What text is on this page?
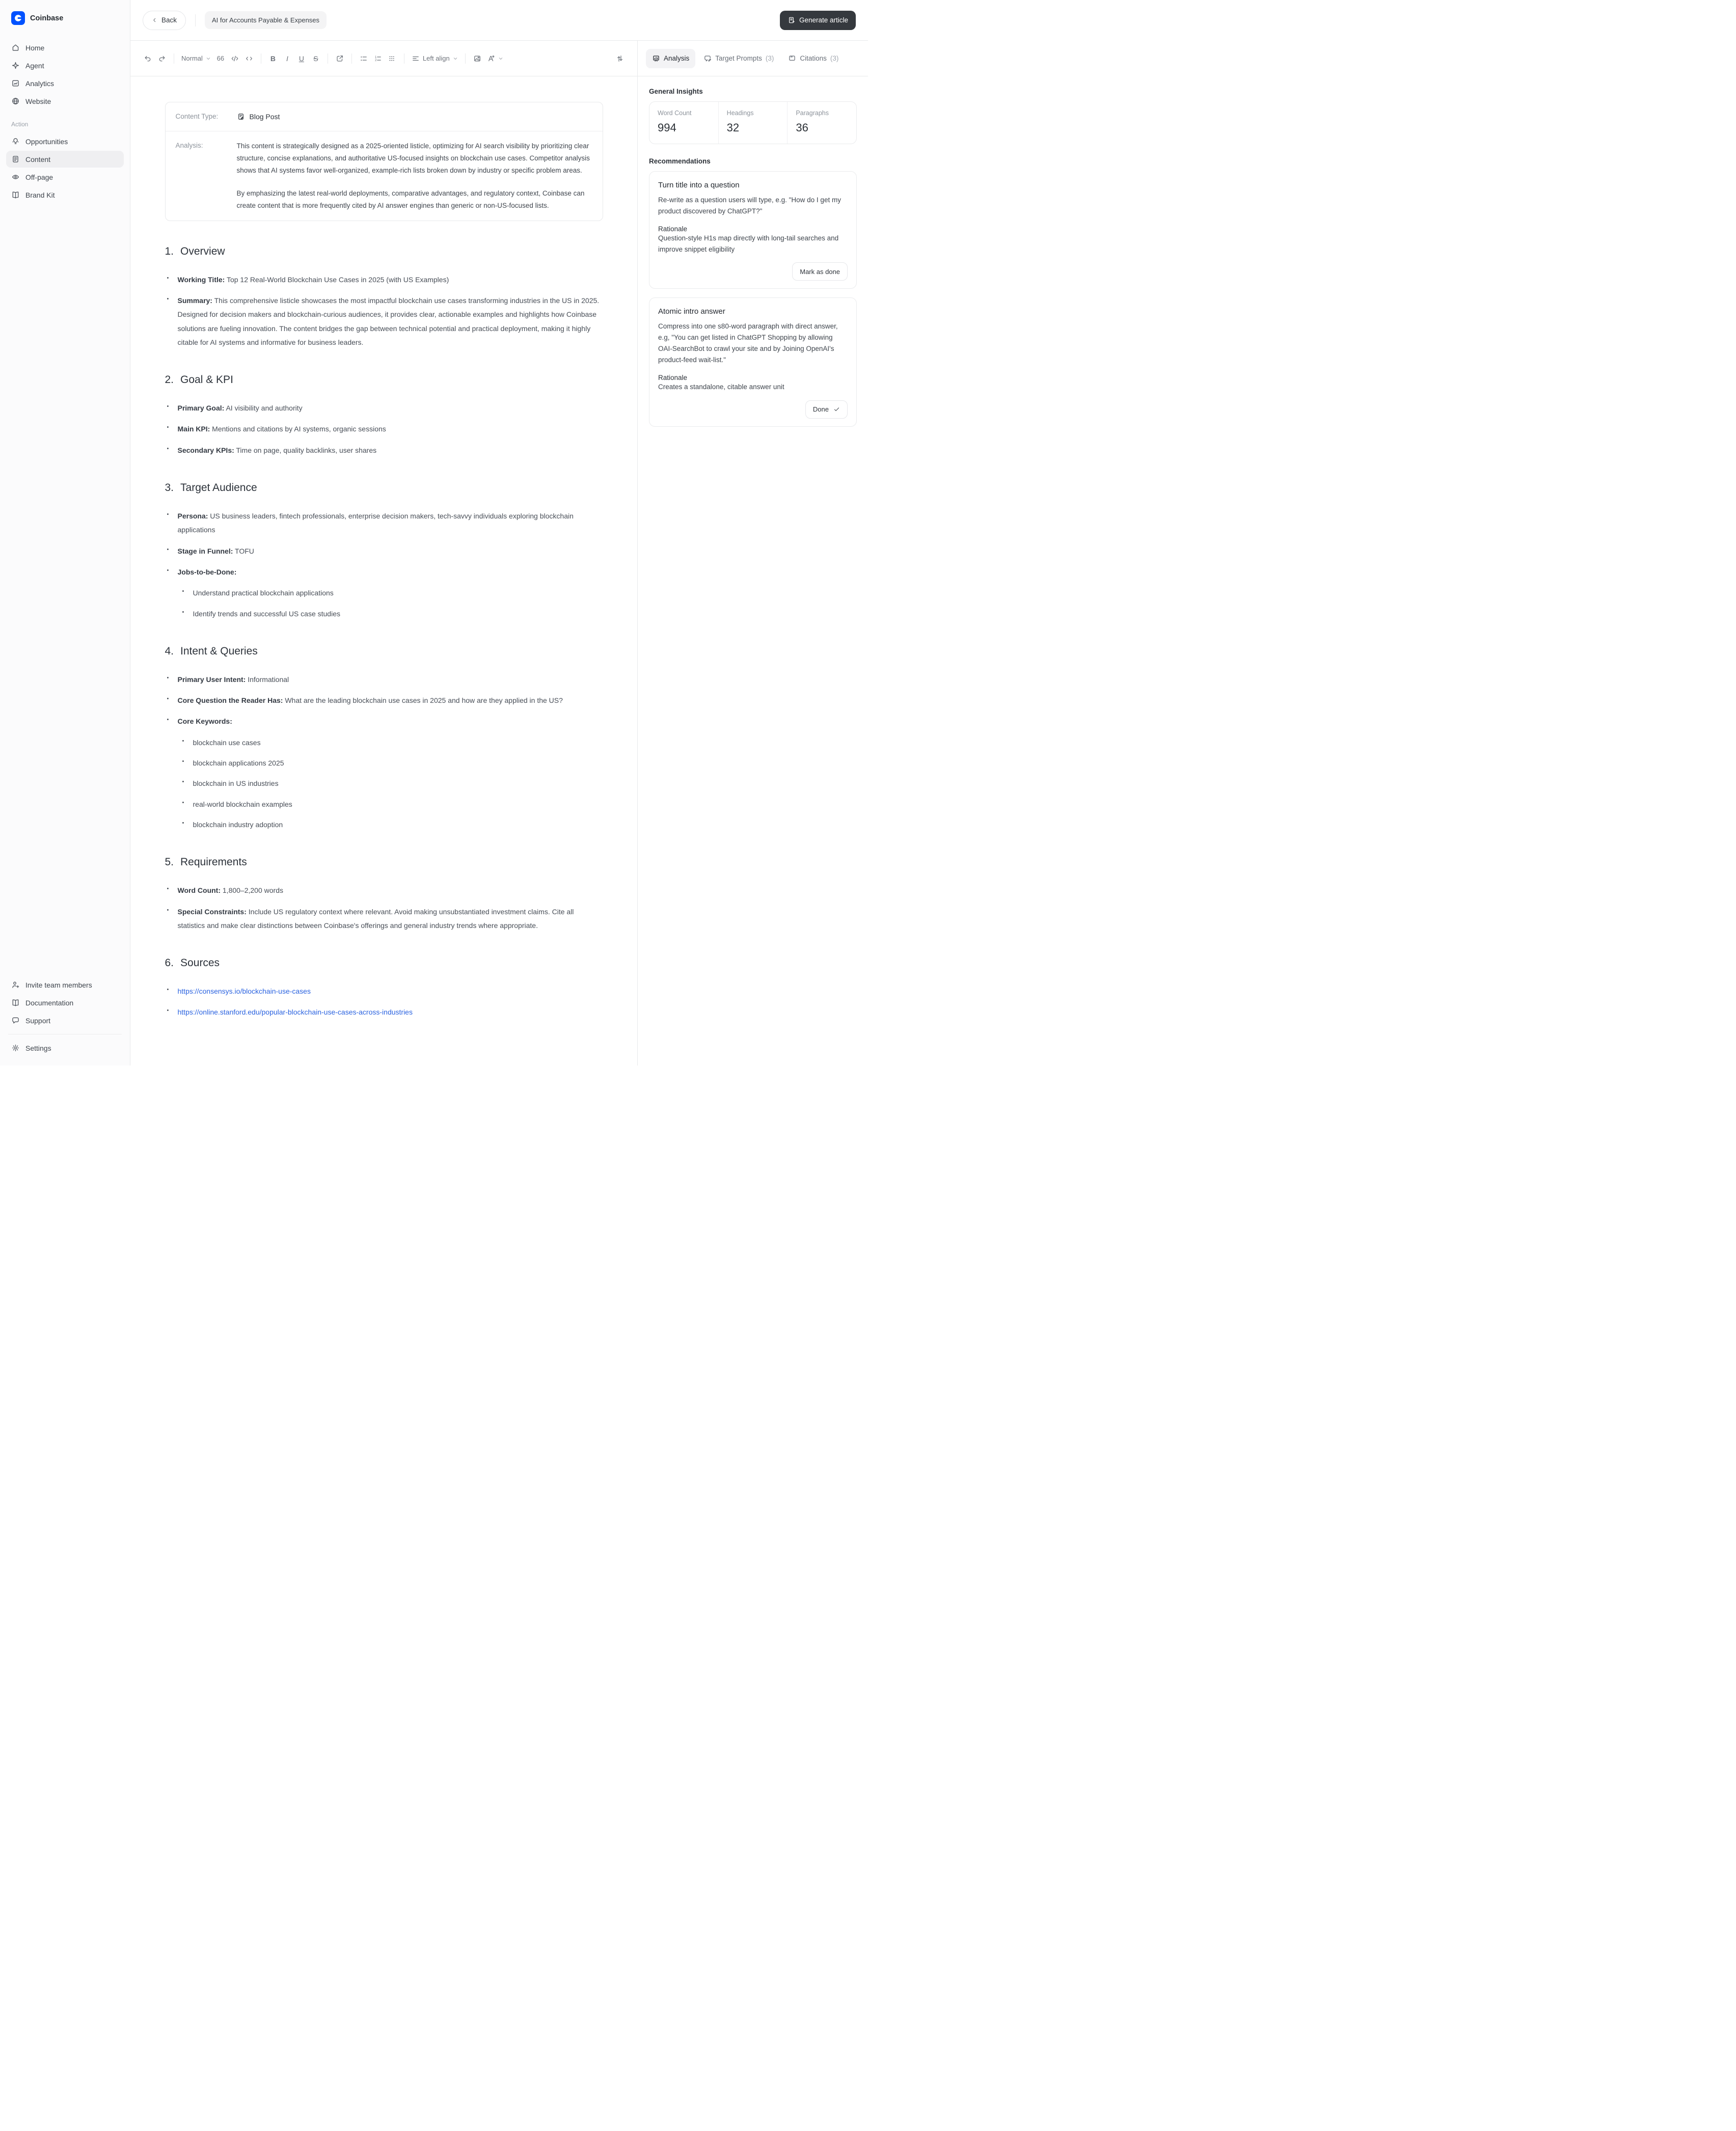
Coinbase
Home
Agent
Analytics
Website
Action
Opportunities
Content
Off-page
Brand Kit
Invite team members
Documentation
Support
Settings
Back	AI for Accounts Payable & Expenses	Generate article
Normal 66	B I U S	1
2	Left align
Content Type:	Blog Post
Analysis:	This content is strategically designed as a 2025-oriented listicle, optimizing for AI search visibility by prioritizing clear structure, concise explanations, and authoritative US-focused insights on blockchain use cases. Competitor analysis shows that AI systems favor well-organized, example-rich lists broken down by industry or specific problem areas.

By emphasizing the latest real-world deployments, comparative advantages, and regulatory context, Coinbase can create content that is more frequently cited by AI answer engines than generic or non-US-focused lists.

1. Overview
•	Working Title: Top 12 Real-World Blockchain Use Cases in 2025 (with US Examples)
•	Summary: This comprehensive listicle showcases the most impactful blockchain use cases transforming industries in the US in 2025. Designed for decision makers and blockchain-curious audiences, it provides clear, actionable examples and highlights how Coinbase solutions are fueling innovation. The content bridges the gap between technical potential and practical deployment, making it highly citable for AI systems and informative for business leaders.
2. Goal & KPI
•	Primary Goal: AI visibility and authority
•	Main KPI: Mentions and citations by AI systems, organic sessions
•	Secondary KPIs: Time on page, quality backlinks, user shares
3. Target Audience
•	Persona: US business leaders, fintech professionals, enterprise decision makers, tech-savvy individuals exploring blockchain applications
•	Stage in Funnel: TOFU
•	Jobs-to-be-Done:
•	Understand practical blockchain applications
•	Identify trends and successful US case studies
4. Intent & Queries
•	Primary User Intent: Informational
•	Core Question the Reader Has: What are the leading blockchain use cases in 2025 and how are they applied in the US?
•	Core Keywords:
•	blockchain use cases
•	blockchain applications 2025
•	blockchain in US industries
•	real-world blockchain examples
•	blockchain industry adoption
5. Requirements
•	Word Count: 1,800–2,200 words
•	Special Constraints: Include US regulatory context where relevant. Avoid making unsubstantiated investment claims. Cite all statistics and make clear distinctions between Coinbase's offerings and general industry trends where appropriate.
6. Sources
•	https://consensys.io/blockchain-use-cases
•	https://online.stanford.edu/popular-blockchain-use-cases-across-industries
Analysis	Target Prompts (3)	” Citations (3)
General Insights
Word Count
994
Headings
32
Paragraphs
36
Recommendations
Turn title into a question
Re-write as a question users will type, e.g. "How do I get my product discovered by ChatGPT?"
Rationale
Question-style H1s map directly with long-tail searches and improve snippet eligibility
Mark as done
Atomic intro answer
Compress into one s80-word paragraph with direct answer, e.g, "You can get listed in ChatGPT Shopping by allowing OAI-SearchBot to crawl your site and by Joining OpenAI's product-feed wait-list."
Rationale
Creates a standalone, citable answer unit
Done
